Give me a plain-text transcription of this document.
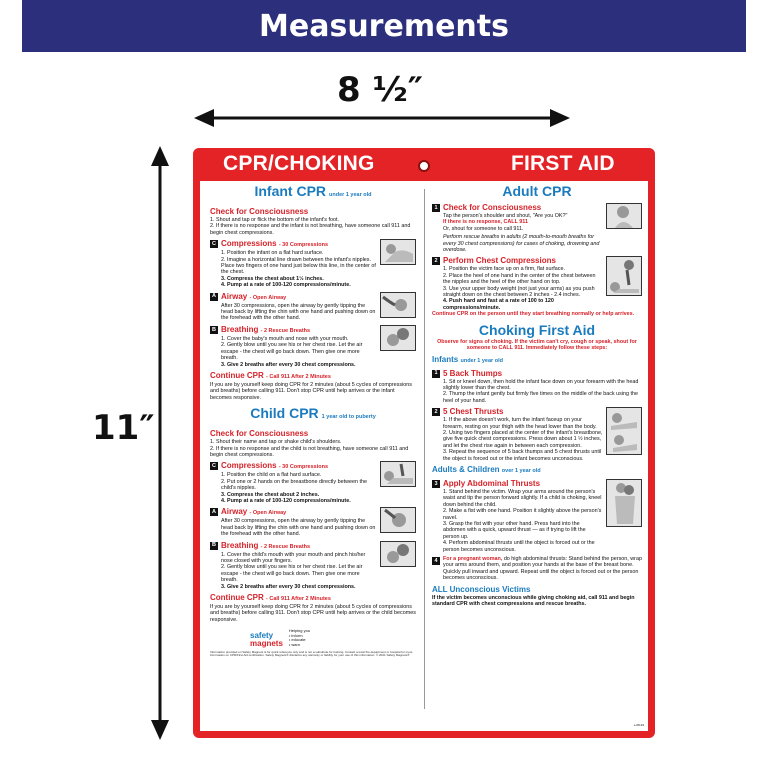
Measurements
8 ½″
11″
CPR/CHOKING	FIRST AID
Infant CPR under 1 year old
Check for Consciousness
1. Shout and tap or flick the bottom of the infant's foot.
2. If there is no response and the infant is not breathing, have someone call 911 and begin chest compressions.
C Compressions - 30 Compressions
1. Position the infant on a flat hard surface.
2. Imagine a horizontal line drawn between the infant's nipples. Place two fingers of one hand just below this line, in the center of the chest.
3. Compress the chest about 1½ inches.
4. Pump at a rate of 100-120 compressions/minute.
A Airway - Open Airway
After 30 compressions, open the airway by gently tipping the head back by lifting the chin with one hand and pushing down on the forehead with the other hand.
B Breathing - 2 Rescue Breaths
1. Cover the baby's mouth and nose with your mouth.
2. Gently blow until you see his or her chest rise. Let the air escape - the chest will go back down. Then give one more breath.
3. Give 2 breaths after every 30 chest compressions.
Continue CPR - Call 911 After 2 Minutes
If you are by yourself keep doing CPR for 2 minutes (about 5 cycles of compressions and breaths) before calling 911. Don't stop CPR until help arrives or the infant becomes responsive.
Child CPR 1 year old to puberty
Check for Consciousness
1. Shout their name and tap or shake child's shoulders.
2. If there is no response and the child is not breathing, have someone call 911 and begin chest compressions.
C Compressions - 30 Compressions
1. Position the child on a flat hard surface.
2. Put one or 2 hands on the breastbone directly between the child's nipples.
3. Compress the chest about 2 inches.
4. Pump at a rate of 100-120 compressions/minute.
A Airway - Open Airway
After 30 compressions, open the airway by gently tipping the head back by lifting the chin with one hand and pushing down on the forehead with the other hand.
B Breathing - 2 Rescue Breaths
1. Cover the child's mouth with your mouth and pinch his/her nose closed with your fingers.
2. Gently blow until you see his or her chest rise. Let the air escape - the chest will go back down. Then give one more breath.
3. Give 2 breaths after every 30 chest compressions.
Continue CPR - Call 911 After 2 Minutes
If you are by yourself keep doing CPR for 2 minutes (about 5 cycles of compressions and breaths) before calling 911. Don't stop CPR until help arrives or the child becomes responsive.
safety
magnets
Helping you
• inform
• educate
• warn
Information provided on Safety Magnets is for quick reference only and is not a substitute for training. Contact a local fire department or hospital for more information on CPR/First Aid certification. Safety Magnets® disclaims any warranty or liability for your use of this information. © 2021 Safety Magnets®
Adult CPR
1 Check for Consciousness
Tap the person's shoulder and shout, "Are you OK?"
If there is no response, CALL 911
Or, shout for someone to call 911.
Perform rescue breaths in adults (2 mouth-to-mouth breaths for every 30 chest compressions) for cases of choking, drowning and overdose.
2 Perform Chest Compressions
1. Position the victim face up on a firm, flat surface.
2. Place the heel of one hand in the center of the chest between the nipples and the heel of the other hand on top.
3. Use your upper body weight (not just your arms) as you push straight down on the chest between 2 inches - 2.4 inches.
4. Push hard and fast at a rate of 100 to 120 compressions/minute.
Continue CPR on the person until they start breathing normally or help arrives.
Choking First Aid
Observe for signs of choking. If the victim can't cry, cough or speak, shout for someone to CALL 911. Immediately follow these steps:
Infants under 1 year old
1 5 Back Thumps
1. Sit or kneel down, then hold the infant face down on your forearm with the head slightly lower than the chest.
2. Thump the infant gently but firmly five times on the middle of the back using the heel of your hand.
2 5 Chest Thrusts
1. If the above doesn't work, turn the infant faceup on your forearm, resting on your thigh with the head lower than the body.
2. Using two fingers placed at the center of the infant's breastbone, give five quick chest compressions. Press down about 1 ½ inches, and let the chest rise again in between each compression.
3. Repeat the sequence of 5 back thumps and 5 chest thrusts until the object is forced out or the infant becomes unconscious.
Adults & Children over 1 year old
3 Apply Abdominal Thrusts
1. Stand behind the victim. Wrap your arms around the person's waist and tip the person forward slightly. If a child is choking, kneel down behind the child.
2. Make a fist with one hand. Position it slightly above the person's navel.
3. Grasp the fist with your other hand. Press hard into the abdomen with a quick, upward thrust — as if trying to lift the person up.
4. Perform abdominal thrusts until the object is forced out or the person becomes unconscious.
4	For a pregnant woman, do high abdominal thrusts: Stand behind the person, wrap your arms around them, and position your hands at the base of the breast bone. Quickly pull inward and upward. Repeat until the object is forced out or the person becomes unconscious.
ALL Unconscious Victims
If the victim becomes unconscious while giving choking aid, call 911 and begin standard CPR with chest compressions and rescue breaths.
s-08-29
